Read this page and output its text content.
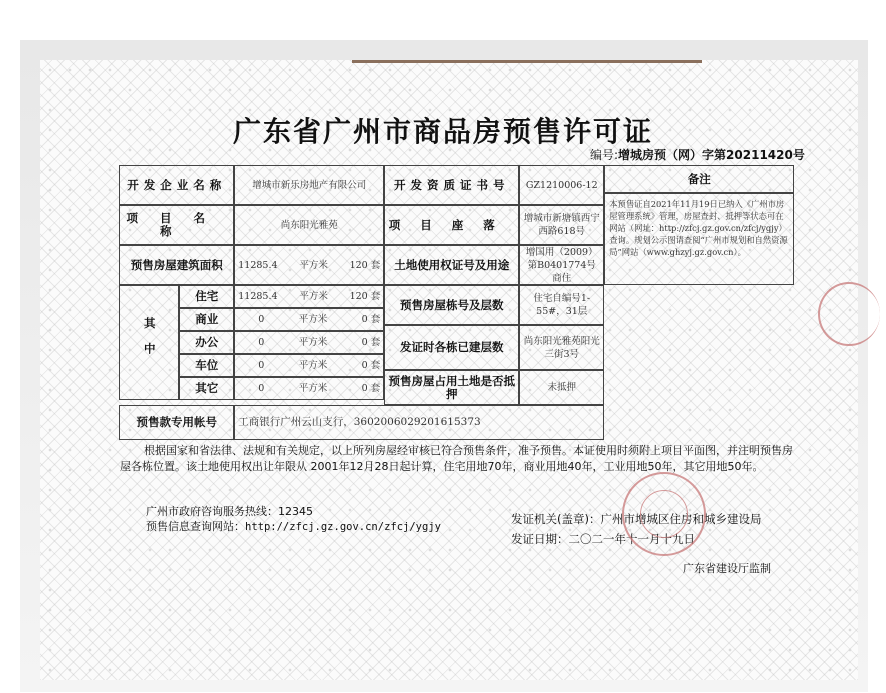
广东省广州市商品房预售许可证
编号:增城房预（网）字第20211420号
开发企业名称	增城市新乐房地产有限公司	开发资质证书号	GZ1210006-12	备注
本预售证自2021年11月19日已纳入《广州市房屋管理系统》管理，房屋查封、抵押等状态可在网站（网址：http://zfcj.gz.gov.cn/zfcj/ygjy）查询。规划公示图请查阅“广州市规划和自然资源局”网站（www.ghzyj.gz.gov.cn）。
项目名称	尚东阳光雅苑	项目座落 增城市新塘镇西宁西路618号
预售房屋建筑面积	11285.4 平方米 120 套	土地使用权证号及用途
增国用（2009）第B0401774号 商住
其中
住宅	11285.4 平方米 120 套
商业	0	平方米	0 套
办公	0	平方米	0 套
车位	0	平方米	0 套
其它	0	平方米	0 套
预售房屋栋号及层数	住宅自编号1-55#，31层
发证时各栋已建层数	尚东阳光雅苑阳光三街3号
预售房屋占用土地是否抵押	未抵押
预售款专用帐号	工商银行广州云山支行，3602006029201615373
根据国家和省法律、法规和有关规定，以上所列房屋经审核已符合预售条件，准予预售。本证使用时须附上项目平面图，并注明预售房屋各栋位置。该土地使用权出让年限从 2001年12月28日起计算，住宅用地70年，商业用地40年，工业用地50年，其它用地50年。
广州市政府咨询服务热线：12345
预售信息查询网站：http://zfcj.gz.gov.cn/zfcj/ygjy
发证机关(盖章)：广州市增城区住房和城乡建设局
发证日期：二〇二一年十一月十九日
广东省建设厅监制
